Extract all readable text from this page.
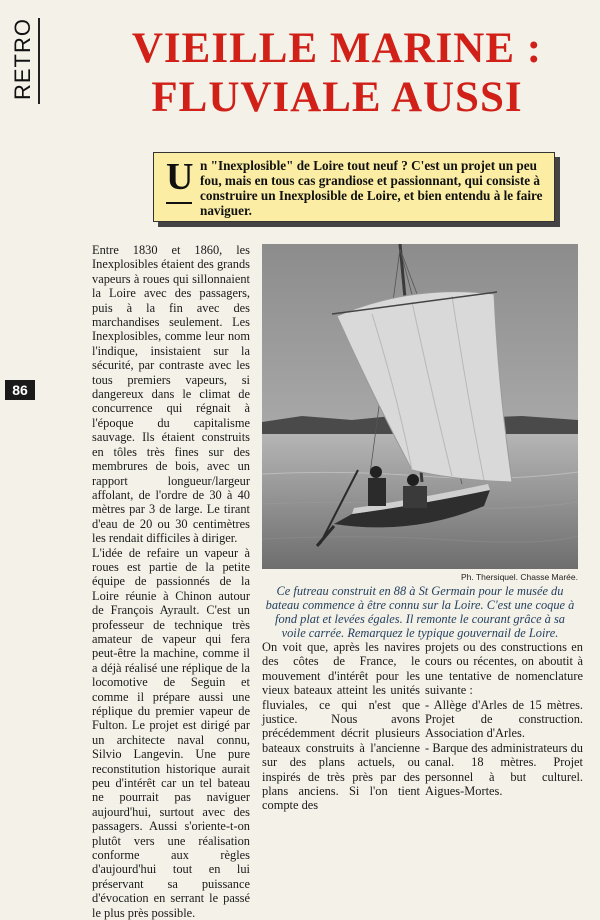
RETRO	VIEILLE MARINE :
FLUVIALE AUSSI
U n "Inexplosible" de Loire tout neuf ? C'est un projet un peu fou, mais en tous cas grandiose et passionnant, qui consiste à construire un Inexplosible de Loire, et bien entendu à le faire naviguer.
86

Entre 1830 et 1860, les Inexplosibles étaient des grands vapeurs à roues qui sillonnaient la Loire avec des passagers, puis à la fin avec des marchandises seulement. Les Inexplosibles, comme leur nom l'indique, insistaient sur la sécurité, par contraste avec les tous premiers vapeurs, si dangereux dans le climat de concurrence qui régnait à l'époque du capitalisme sauvage. Ils étaient construits en tôles très fines sur des membrures de bois, avec un rapport longueur/largeur affolant, de l'ordre de 30 à 40 mètres par 3 de large. Le tirant d'eau de 20 ou 30 centimètres les rendait difficiles à diriger.

L'idée de refaire un vapeur à roues est partie de la petite équipe de passionnés de la Loire réunie à Chinon autour de François Ayrault. C'est un professeur de technique très amateur de vapeur qui fera peut-être la machine, comme il a déjà réalisé une réplique de la locomotive de Seguin et comme il prépare aussi une réplique du premier vapeur de Fulton. Le projet est dirigé par un architecte naval connu, Silvio Langevin. Une pure reconstitution historique aurait peu d'intérêt car un tel bateau ne pourrait pas naviguer aujourd'hui, surtout avec des passagers. Aussi s'oriente-t-on plutôt vers une réalisation conforme aux règles d'aujourd'hui tout en lui préservant sa puissance d'évocation en serrant le passé le plus près possible.

Ph. Thersiquel. Chasse Marée.
Ce futreau construit en 88 à St Germain pour le musée du bateau commence à être connu sur la Loire. C'est une coque à fond plat et levées égales. Il remonte le courant grâce à sa voile carrée. Remarquez le typique gouvernail de Loire.

On voit que, après les navires des côtes de France, le mouvement d'intérêt pour les vieux bateaux atteint les unités fluviales, ce qui n'est que justice. Nous avons précédemment décrit plusieurs bateaux construits à l'ancienne sur des plans actuels, ou inspirés de très près par des plans anciens. Si l'on tient compte des

projets ou des constructions en cours ou récentes, on aboutit à une tentative de nomenclature suivante :

- Allège d'Arles de 15 mètres. Projet de construction. Association d'Arles.

- Barque des administrateurs du canal. 18 mètres. Projet personnel à but culturel. Aigues-Mortes.
